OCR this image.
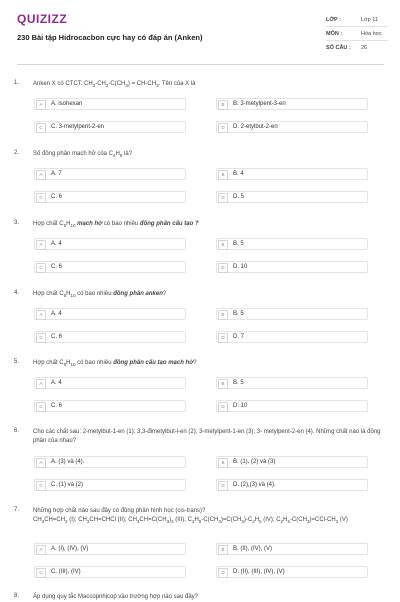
QUIZIZZ
230 Bài tập Hidrocacbon cực hay có đáp án (Anken)
LỚP :	Lớp 11
MÔN :	Hóa học
SỐ CÂU : 26
1. Anken X có CTCT: $CH_3-CH_2-C(CH_3) = CH-CH_3$. Tên của X là
A	A. isohexan	B	B. 3-metylpent-3-en
C	C. 3-metylpent-2-en	D	D. 2-etylbut-2-en
2. Số đồng phân mạch hở của $C_4H_8$ là?
A	A. 7	B	B. 4
C	C. 6	D	D. 5
3. Hợp chất $C_5H_{10}$ mạch hở có bao nhiêu đồng phân cấu tạo ?
A	A. 4	B	B. 5
C	C. 6	D	D. 10
4. Hợp chất $C_5H_{10}$ có bao nhiêu đồng phân anken?
A	A. 4	B	B. 5
C	C. 6	D	D. 7
5. Hợp chất $C_5H_{10}$ có bao nhiêu đồng phân cấu tạo mạch hở?
A	A. 4	B	B. 5
C	C. 6	D	D. 10
6. Cho các chất sau: 2-metylbut-1-en (1); 3,3-đimetylbut-l-en (2); 3-metylpent-1-en (3); 3- metylpent-2-en (4). Những chất nào là đồng phân của nhau?
A	A. (3) và (4).	B	B. (1), (2) và (3)
C	C. (1) và (2)	D	D. (2),(3) và (4).
7. Những hợp chất nào sau đây có đồng phân hình học (cis-trans)?
$CH_3CH=CH_2$ (I); $CH_3CH=CHCl$ (II); $CH_3CH=C(CH_3)_2$ (III), $C_2H_5-C(CH_3)=C(CH_3)-C_2H_5$ (IV); $C_2H_5-C(CH_3)=CCl-CH_3$ (V)
A	A. (I), (IV), (V)	B	B. (II), (IV), (V)
C	C. (III), (IV)	D	D. (II), (III), (IV), (V)
8. Áp dụng quy tắc Maccopnhicop vào trường hợp nào sau đây?
